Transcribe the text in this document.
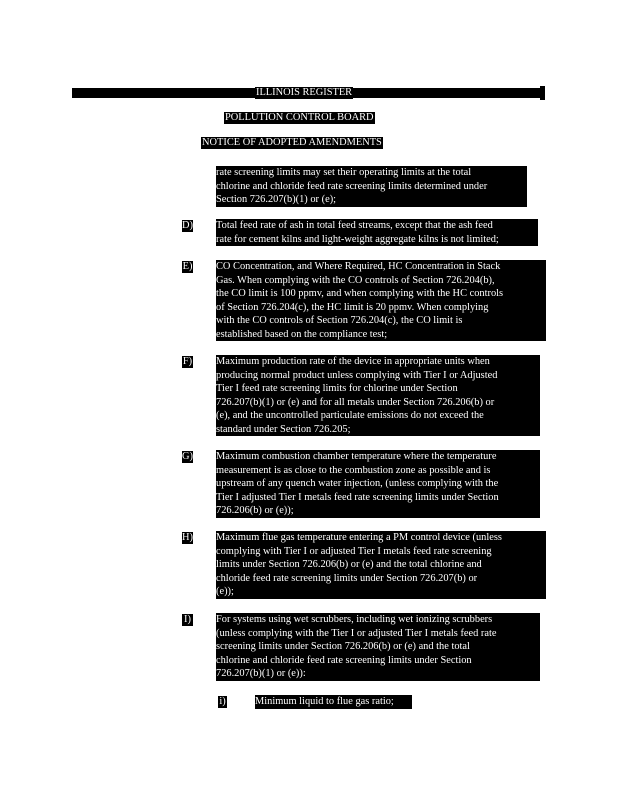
ILLINOIS REGISTER
POLLUTION CONTROL BOARD
NOTICE OF ADOPTED AMENDMENTS
rate screening limits may set their operating limits at the total
chlorine and chloride feed rate screening limits determined under
Section 726.207(b)(1) or (e);
D) Total feed rate of ash in total feed streams, except that the ash feed
rate for cement kilns and light-weight aggregate kilns is not limited;
E) CO Concentration, and Where Required, HC Concentration in Stack
Gas. When complying with the CO controls of Section 726.204(b),
the CO limit is 100 ppmv, and when complying with the HC controls
of Section 726.204(c), the HC limit is 20 ppmv. When complying
with the CO controls of Section 726.204(c), the CO limit is
established based on the compliance test;
F) Maximum production rate of the device in appropriate units when
producing normal product unless complying with Tier I or Adjusted
Tier I feed rate screening limits for chlorine under Section
726.207(b)(1) or (e) and for all metals under Section 726.206(b) or
(e), and the uncontrolled particulate emissions do not exceed the
standard under Section 726.205;
G) Maximum combustion chamber temperature where the temperature
measurement is as close to the combustion zone as possible and is
upstream of any quench water injection, (unless complying with the
Tier I adjusted Tier I metals feed rate screening limits under Section
726.206(b) or (e));
H) Maximum flue gas temperature entering a PM control device (unless
complying with Tier I or adjusted Tier I metals feed rate screening
limits under Section 726.206(b) or (e) and the total chlorine and
chloride feed rate screening limits under Section 726.207(b) or
(e));
I) For systems using wet scrubbers, including wet ionizing scrubbers
(unless complying with the Tier I or adjusted Tier I metals feed rate
screening limits under Section 726.206(b) or (e) and the total
chlorine and chloride feed rate screening limits under Section
726.207(b)(1) or (e)):
i)	Minimum liquid to flue gas ratio;
